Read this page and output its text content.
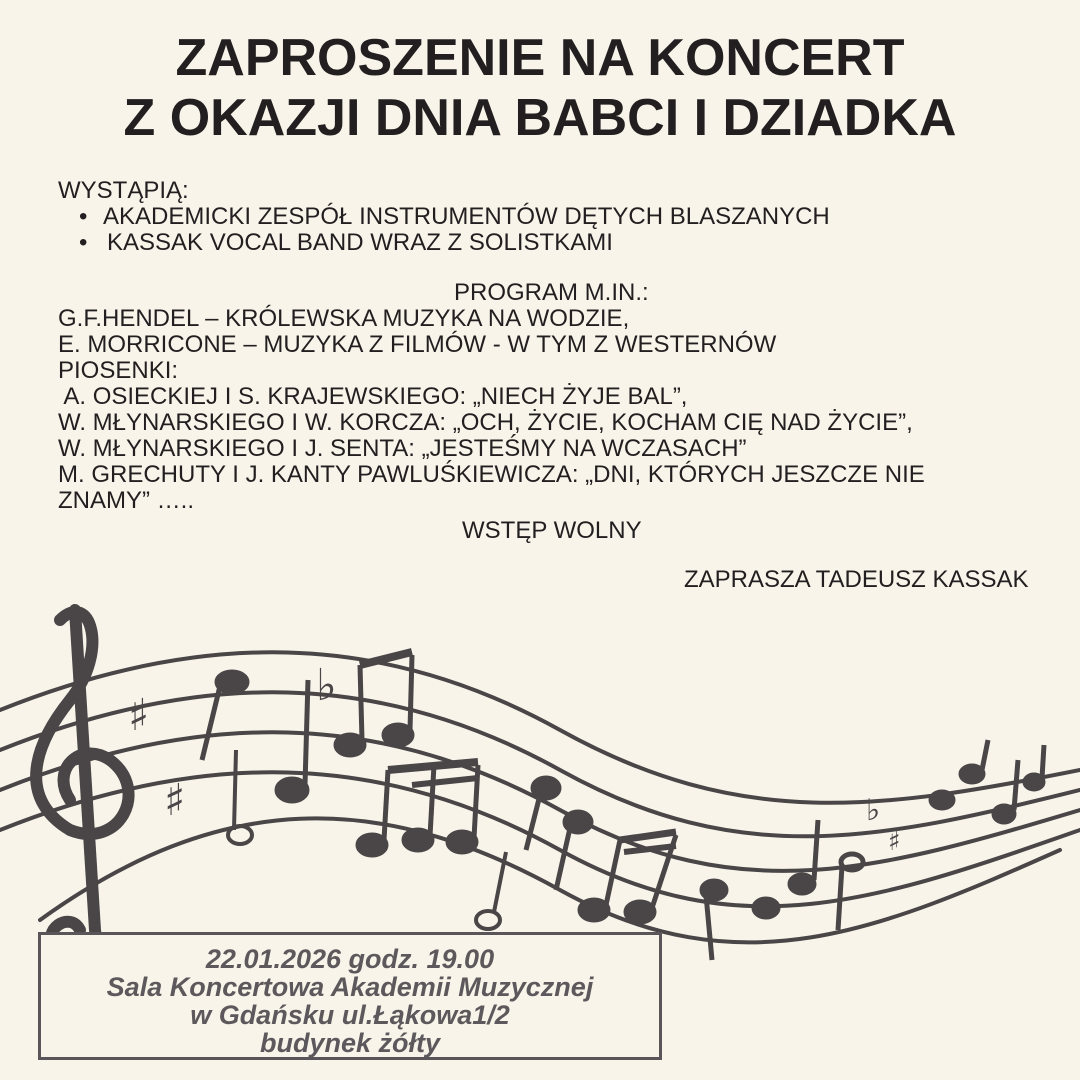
ZAPROSZENIE NA KONCERT
Z OKAZJI DNIA BABCI I DZIADKA
WYSTĄPIĄ:
• AKADEMICKI ZESPÓŁ INSTRUMENTÓW DĘTYCH BLASZANYCH
• KASSAK VOCAL BAND WRAZ Z SOLISTKAMI
PROGRAM M.IN.:
G.F.HENDEL – KRÓLEWSKA MUZYKA NA WODZIE,
E. MORRICONE – MUZYKA Z FILMÓW - W TYM Z WESTERNÓW
PIOSENKI:
A. OSIECKIEJ I S. KRAJEWSKIEGO: „NIECH ŻYJE BAL”,
W. MŁYNARSKIEGO I W. KORCZA: „OCH, ŻYCIE, KOCHAM CIĘ NAD ŻYCIE”,
W. MŁYNARSKIEGO I J. SENTA: „JESTEŚMY NA WCZASACH”
M. GRECHUTY I J. KANTY PAWLUŚKIEWICZA: „DNI, KTÓRYCH JESZCZE NIE ZNAMY” …..
WSTĘP WOLNY
ZAPRASZA TADEUSZ KASSAK
♯
♯
♭
♭
♯
22.01.2026 godz. 19.00
Sala Koncertowa Akademii Muzycznej
w Gdańsku ul.Łąkowa1/2
budynek żółty
